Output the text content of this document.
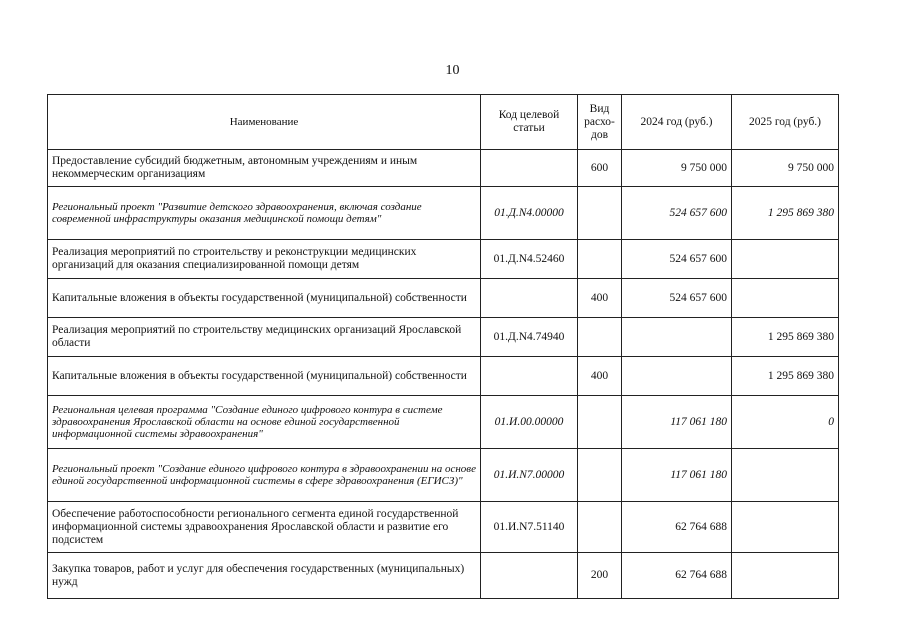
10
Наименование	Код целевой статьи	Вид расхо-дов	2024 год (руб.)	2025 год (руб.)
Предоставление субсидий бюджетным, автономным учреждениям и иным некоммерческим организациям		600	9 750 000	9 750 000
Региональный проект "Развитие детского здравоохранения, включая создание современной инфраструктуры оказания медицинской помощи детям"	01.Д.N4.00000		524 657 600	1 295 869 380
Реализация мероприятий по строительству и реконструкции медицинских организаций для оказания специализированной помощи детям	01.Д.N4.52460		524 657 600	
Капитальные вложения в объекты государственной (муниципальной) собственности		400	524 657 600	
Реализация мероприятий по строительству медицинских организаций Ярославской области	01.Д.N4.74940			1 295 869 380
Капитальные вложения в объекты государственной (муниципальной) собственности		400		1 295 869 380
Региональная целевая программа "Создание единого цифрового контура в системе здравоохранения Ярославской области на основе единой государственной информационной системы здравоохранения"	01.И.00.00000		117 061 180	0
Региональный проект "Создание единого цифрового контура в здравоохранении на основе единой государственной информационной системы в сфере здравоохранения (ЕГИСЗ)"	01.И.N7.00000		117 061 180	
Обеспечение работоспособности регионального сегмента единой государственной информационной системы здравоохранения Ярославской области и развитие его подсистем	01.И.N7.51140		62 764 688	
Закупка товаров, работ и услуг для обеспечения государственных (муниципальных) нужд		200	62 764 688	
